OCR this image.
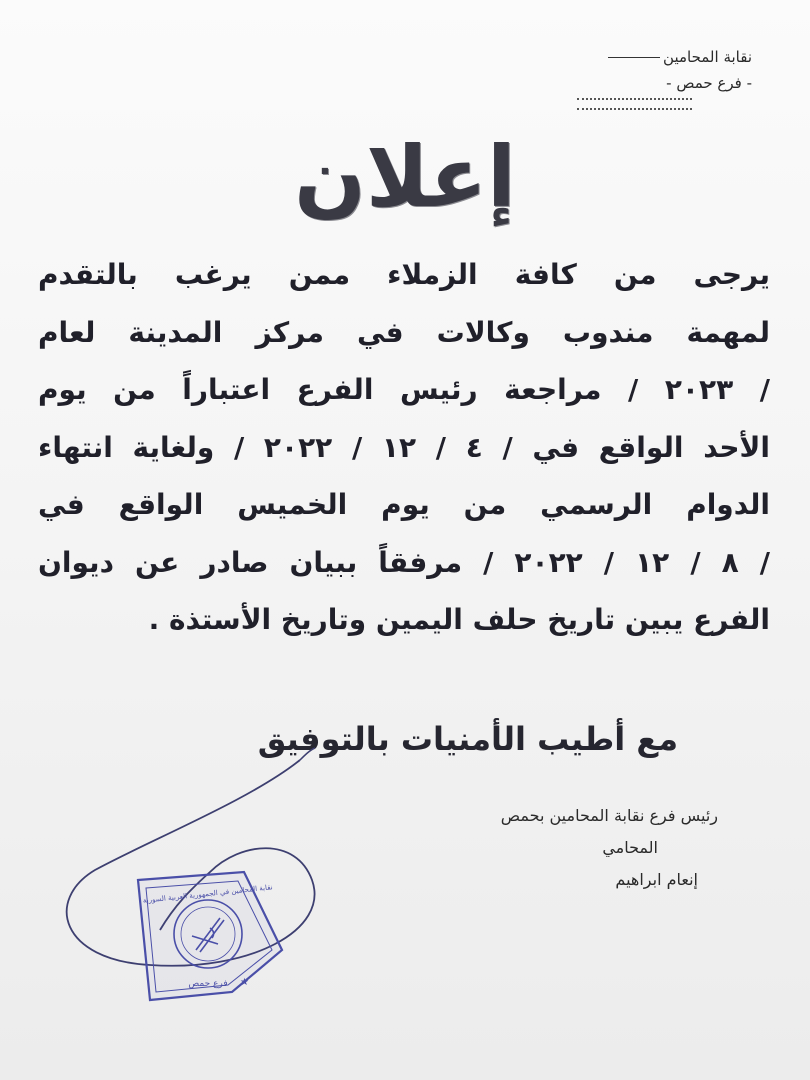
نقابة المحامين
- فرع حمص -
إعلان
يرجى من كافة الزملاء ممن يرغب بالتقدم
لمهمة مندوب وكالات في مركز المدينة لعام
/ ٢٠٢٣ / مراجعة رئيس الفرع اعتباراً من يوم
الأحد الواقع في / ٤ / ١٢ / ٢٠٢٢ / ولغاية انتهاء
الدوام الرسمي من يوم الخميس الواقع في
/ ٨ / ١٢ / ٢٠٢٢ / مرفقاً ببيان صادر عن ديوان
الفرع يبين تاريخ حلف اليمين وتاريخ الأستذة .
مع أطيب الأمنيات بالتوفيق
رئيس فرع نقابة المحامين بحمص
المحامي
إنعام ابراهيم
فرع حمص
نقابة المحامين في الجمهورية العربية السورية
★
